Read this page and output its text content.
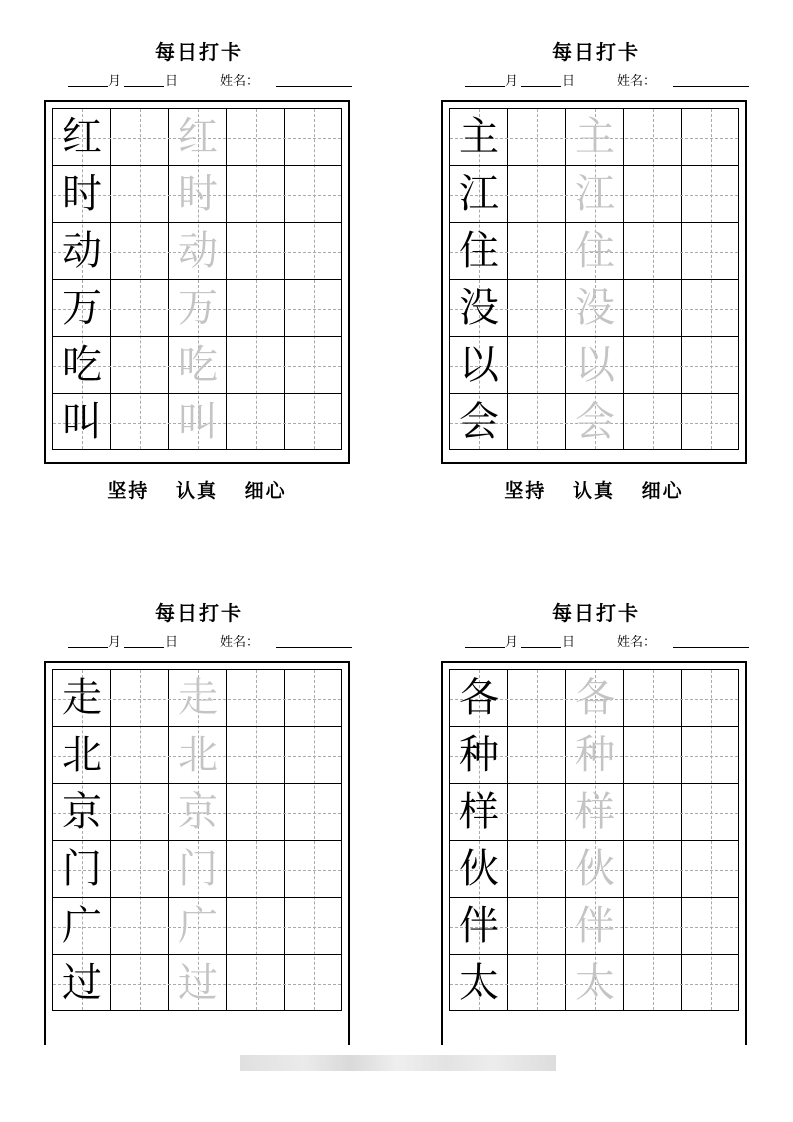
每日打卡
月	日	姓名：
红 红
时 时
动 动
万 万
吃 吃
叫 叫
坚持 认真 细心
每日打卡
月	日	姓名：
主 主
江 江
住 住
没 没
以 以
会 会
坚持 认真 细心
每日打卡
月	日	姓名：
走 走
北 北
京 京
门 门
广 广
过 过
每日打卡
月	日	姓名：
各 各
种 种
样 样
伙 伙
伴 伴
太 太
